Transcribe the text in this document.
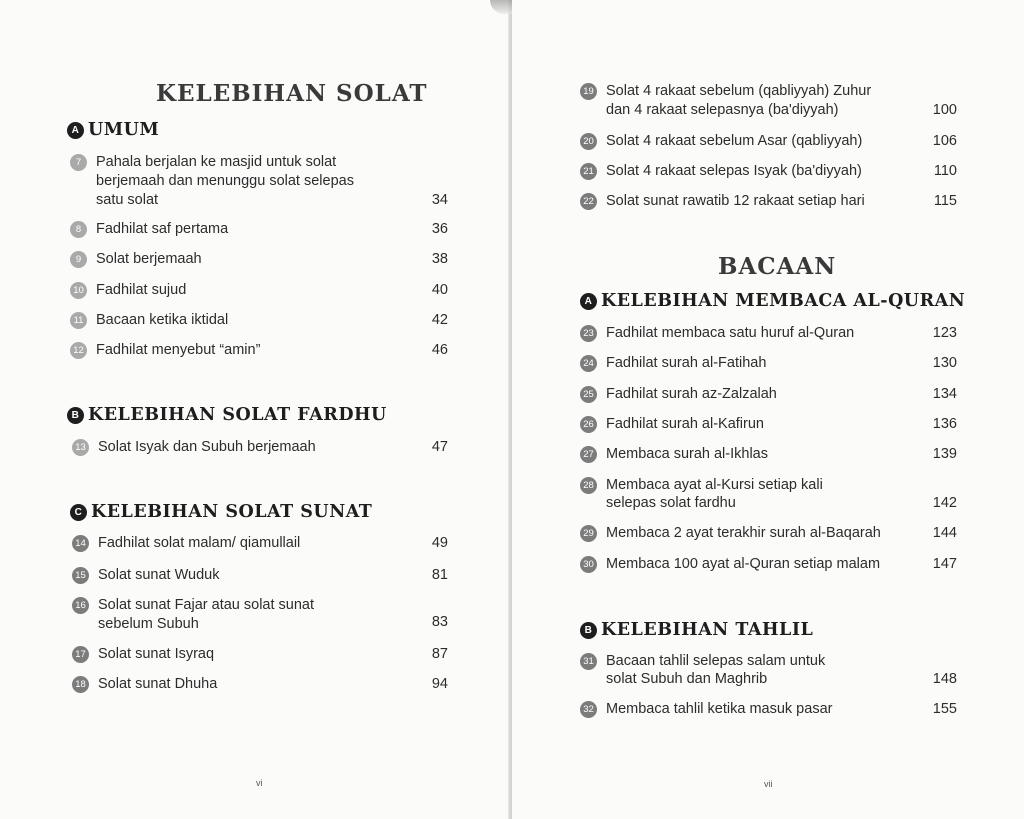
KELEBIHAN SOLAT
A UMUM
7	Pahala berjalan ke masjid untuk solat
berjemaah dan menunggu solat selepas
satu solat	34
8	Fadhilat saf pertama	36
9	Solat berjemaah	38
10 Fadhilat sujud	40
11 Bacaan ketika iktidal	42
12 Fadhilat menyebut “amin”	46
B KELEBIHAN SOLAT FARDHU
13 Solat Isyak dan Subuh berjemaah	47
C KELEBIHAN SOLAT SUNAT
14 Fadhilat solat malam/ qiamullail	49
15 Solat sunat Wuduk	81
16 Solat sunat Fajar atau solat sunat
sebelum Subuh	83
17 Solat sunat Isyraq	87
18 Solat sunat Dhuha	94
vi
19 Solat 4 rakaat sebelum (qabliyyah) Zuhur
dan 4 rakaat selepasnya (ba'diyyah)	100
20 Solat 4 rakaat sebelum Asar (qabliyyah)	106
21 Solat 4 rakaat selepas Isyak (ba'diyyah)	110
22 Solat sunat rawatib 12 rakaat setiap hari	115
BACAAN
A KELEBIHAN MEMBACA AL-QURAN
23 Fadhilat membaca satu huruf al-Quran	123
24 Fadhilat surah al-Fatihah	130
25 Fadhilat surah az-Zalzalah	134
26 Fadhilat surah al-Kafirun	136
27 Membaca surah al-Ikhlas	139
28 Membaca ayat al-Kursi setiap kali
selepas solat fardhu	142
29 Membaca 2 ayat terakhir surah al-Baqarah	144
30 Membaca 100 ayat al-Quran setiap malam	147
B KELEBIHAN TAHLIL
31 Bacaan tahlil selepas salam untuk
solat Subuh dan Maghrib	148
32 Membaca tahlil ketika masuk pasar	155
vii
